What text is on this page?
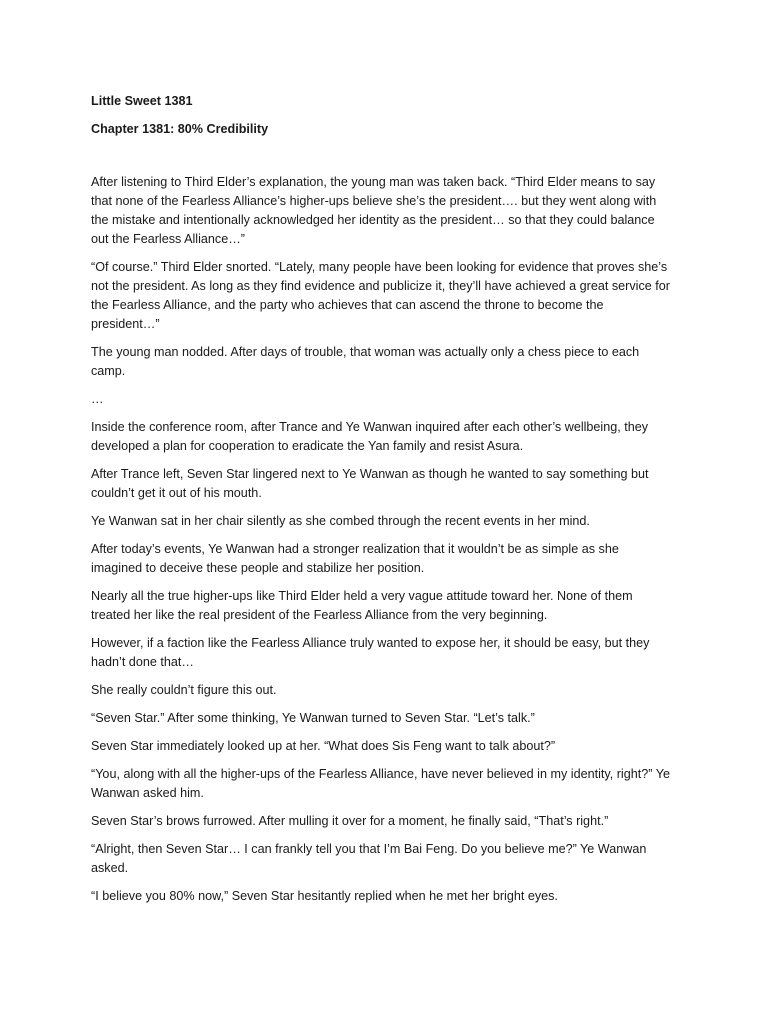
Little Sweet 1381

Chapter 1381: 80% Credibility

After listening to Third Elder’s explanation, the young man was taken back. “Third Elder means to say that none of the Fearless Alliance’s higher-ups believe she’s the president…. but they went along with the mistake and intentionally acknowledged her identity as the president… so that they could balance out the Fearless Alliance…”

“Of course.” Third Elder snorted. “Lately, many people have been looking for evidence that proves she’s not the president. As long as they find evidence and publicize it, they’ll have achieved a great service for the Fearless Alliance, and the party who achieves that can ascend the throne to become the president…”

The young man nodded. After days of trouble, that woman was actually only a chess piece to each camp.

…

Inside the conference room, after Trance and Ye Wanwan inquired after each other’s wellbeing, they developed a plan for cooperation to eradicate the Yan family and resist Asura.

After Trance left, Seven Star lingered next to Ye Wanwan as though he wanted to say something but couldn’t get it out of his mouth.

Ye Wanwan sat in her chair silently as she combed through the recent events in her mind.

After today’s events, Ye Wanwan had a stronger realization that it wouldn’t be as simple as she imagined to deceive these people and stabilize her position.

Nearly all the true higher-ups like Third Elder held a very vague attitude toward her. None of them treated her like the real president of the Fearless Alliance from the very beginning.

However, if a faction like the Fearless Alliance truly wanted to expose her, it should be easy, but they hadn’t done that…

She really couldn’t figure this out.

“Seven Star.” After some thinking, Ye Wanwan turned to Seven Star. “Let’s talk.”

Seven Star immediately looked up at her. “What does Sis Feng want to talk about?”

“You, along with all the higher-ups of the Fearless Alliance, have never believed in my identity, right?” Ye Wanwan asked him.

Seven Star’s brows furrowed. After mulling it over for a moment, he finally said, “That’s right.”

“Alright, then Seven Star… I can frankly tell you that I’m Bai Feng. Do you believe me?” Ye Wanwan asked.

“I believe you 80% now,” Seven Star hesitantly replied when he met her bright eyes.
